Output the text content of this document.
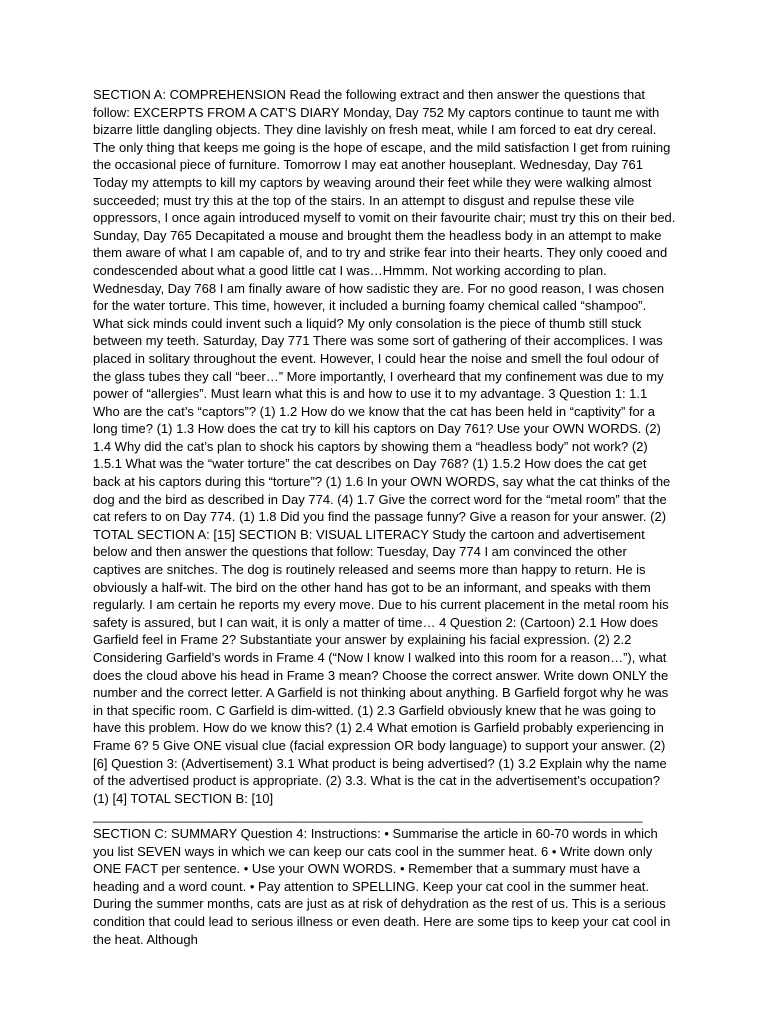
SECTION A: COMPREHENSION Read the following extract and then answer the questions that follow: EXCERPTS FROM A CAT’S DIARY Monday, Day 752 My captors continue to taunt me with bizarre little dangling objects. They dine lavishly on fresh meat, while I am forced to eat dry cereal. The only thing that keeps me going is the hope of escape, and the mild satisfaction I get from ruining the occasional piece of furniture. Tomorrow I may eat another houseplant. Wednesday, Day 761 Today my attempts to kill my captors by weaving around their feet while they were walking almost succeeded; must try this at the top of the stairs. In an attempt to disgust and repulse these vile oppressors, I once again introduced myself to vomit on their favourite chair; must try this on their bed. Sunday, Day 765 Decapitated a mouse and brought them the headless body in an attempt to make them aware of what I am capable of, and to try and strike fear into their hearts. They only cooed and condescended about what a good little cat I was…Hmmm. Not working according to plan. Wednesday, Day 768 I am finally aware of how sadistic they are. For no good reason, I was chosen for the water torture. This time, however, it included a burning foamy chemical called “shampoo”. What sick minds could invent such a liquid? My only consolation is the piece of thumb still stuck between my teeth. Saturday, Day 771 There was some sort of gathering of their accomplices. I was placed in solitary throughout the event. However, I could hear the noise and smell the foul odour of the glass tubes they call “beer…” More importantly, I overheard that my confinement was due to my power of “allergies”. Must learn what this is and how to use it to my advantage. 3 Question 1: 1.1 Who are the cat’s “captors”? (1) 1.2 How do we know that the cat has been held in “captivity” for a long time? (1) 1.3 How does the cat try to kill his captors on Day 761? Use your OWN WORDS. (2) 1.4 Why did the cat’s plan to shock his captors by showing them a “headless body” not work? (2) 1.5.1 What was the “water torture” the cat describes on Day 768? (1) 1.5.2 How does the cat get back at his captors during this “torture”? (1) 1.6 In your OWN WORDS, say what the cat thinks of the dog and the bird as described in Day 774. (4) 1.7 Give the correct word for the “metal room” that the cat refers to on Day 774. (1) 1.8 Did you find the passage funny? Give a reason for your answer. (2) TOTAL SECTION A: [15] SECTION B: VISUAL LITERACY Study the cartoon and advertisement below and then answer the questions that follow: Tuesday, Day 774 I am convinced the other captives are snitches. The dog is routinely released and seems more than happy to return. He is obviously a half-wit. The bird on the other hand has got to be an informant, and speaks with them regularly. I am certain he reports my every move. Due to his current placement in the metal room his safety is assured, but I can wait, it is only a matter of time… 4 Question 2: (Cartoon) 2.1 How does Garfield feel in Frame 2? Substantiate your answer by explaining his facial expression. (2) 2.2 Considering Garfield’s words in Frame 4 (“Now I know I walked into this room for a reason…”), what does the cloud above his head in Frame 3 mean? Choose the correct answer. Write down ONLY the number and the correct letter. A Garfield is not thinking about anything. B Garfield forgot why he was in that specific room. C Garfield is dim-witted. (1) 2.3 Garfield obviously knew that he was going to have this problem. How do we know this? (1) 2.4 What emotion is Garfield probably experiencing in Frame 6? 5 Give ONE visual clue (facial expression OR body language) to support your answer. (2) [6] Question 3: (Advertisement) 3.1 What product is being advertised? (1) 3.2 Explain why the name of the advertised product is appropriate. (2) 3.3. What is the cat in the advertisement’s occupation? (1) [4] TOTAL SECTION B: [10] ____________________________________________________________________________ SECTION C: SUMMARY Question 4: Instructions: • Summarise the article in 60-70 words in which you list SEVEN ways in which we can keep our cats cool in the summer heat. 6 • Write down only ONE FACT per sentence. • Use your OWN WORDS. • Remember that a summary must have a heading and a word count. • Pay attention to SPELLING. Keep your cat cool in the summer heat. During the summer months, cats are just as at risk of dehydration as the rest of us. This is a serious condition that could lead to serious illness or even death. Here are some tips to keep your cat cool in the heat. Although
